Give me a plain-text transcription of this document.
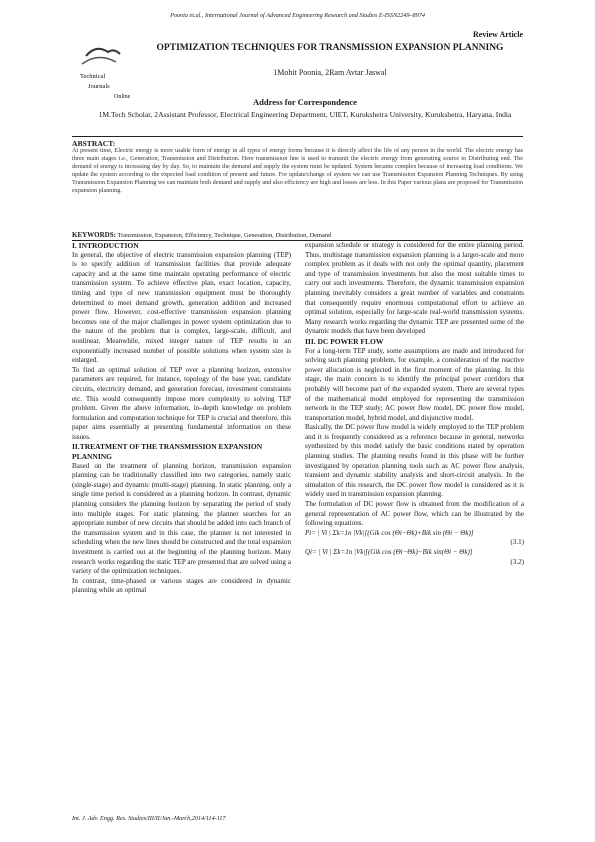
Poonia et.al., International Journal of Advanced Engineering Research and Studies E-ISSN2249–8974
Review Article
Technical
Journals
Online
OPTIMIZATION TECHNIQUES FOR TRANSMISSION EXPANSION PLANNING
1Mohit Poonia, 2Ram Avtar Jaswal
Address for Correspondence
1M.Tech Scholar, 2Assistant Professor, Electrical Engineering Department, UIET, Kurukshetra University, Kurukshetra, Haryana, India
ABSTRACT:
At present time, Electric energy is more usable form of energy in all types of energy forms because it is directly affect the life of any person in the world. The electric energy has three main stages i.e., Generation, Transmission and Distribution. Here transmission line is used to transmit the electric energy from generating source to Distributing end. The demand of energy is increasing day by day. So, to maintain the demand and supply the system must be updated. System became complex because of increasing load conditions. We update the system according to the expected load condition of present and future. For update/change of system we can use Transmission Expansion Planning Techniques. By using Transmission Expansion Planning we can maintain both demand and supply and also efficiency are high and losses are less. In this Paper various plans are proposed for Transmission expansion planning.
KEYWORDS: Transmission, Expansion, Efficiency, Technique, Generation, Distribution, Demand

I. INTRODUCTION

In general, the objective of electric transmission expansion planning (TEP) is to specify addition of transmission facilities that provide adequate capacity and at the same time maintain operating performance of electric transmission system. To achieve effective plan, exact location, capacity, timing and type of new transmission equipment must be thoroughly determined to meet demand growth, generation addition and increased power flow. However, cost-effective transmission expansion planning becomes one of the major challenges in power system optimization due to the nature of the problem that is complex, large-scale, difficult, and nonlinear. Meanwhile, mixed integer nature of TEP results in an exponentially increased number of possible solutions when system size is enlarged.

To find an optimal solution of TEP over a planning horizon, extensive parameters are required, for instance, topology of the base year, candidate circuits, electricity demand, and generation forecast, investment constraints etc. This would consequently impose more complexity to solving TEP problem. Given the above information, in–depth knowledge on problem formulation and computation technique for TEP is crucial and therefore, this paper aims essentially at presenting fundamental information on these issues.

II.TREATMENT OF THE TRANSMISSION EXPANSION PLANNING

Based on the treatment of planning horizon, transmission expansion planning can be traditionally classified into two categories, namely static (single-stage) and dynamic (multi-stage) planning. In static planning, only a single time period is considered as a planning horizon. In contrast, dynamic planning considers the planning horizon by separating the period of study into multiple stages. For static planning, the planner searches for an appropriate number of new circuits that should be added into each branch of the transmission system and in this case, the planner is not interested in scheduling when the new lines should be constructed and the total expansion investment is carried out at the beginning of the planning horizon. Many research works regarding the static TEP are presented that are solved using a variety of the optimization techniques.

In contrast, time-phased or various stages are considered in dynamic planning while an optimal

expansion schedule or strategy is considered for the entire planning period. Thus, multistage transmission expansion planning is a larger-scale and more complex problem as it deals with not only the optimal quantity, placement and type of transmission investments but also the most suitable times to carry out such investments. Therefore, the dynamic transmission expansion planning inevitably considers a great number of variables and constraints that consequently require enormous computational effort to achieve an optimal solution, especially for large-scale real-world transmission systems. Many research works regarding the dynamic TEP are presented some of the dynamic models that have been developed

III. DC POWER FLOW

For a long-term TEP study, some assumptions are made and introduced for solving such planning problem, for example, a consideration of the reactive power allocation is neglected in the first moment of the planning. In this stage, the main concern is to identify the principal power corridors that probably will become part of the expanded system. There are several types of the mathematical model employed for representing the transmission network in the TEP study; AC power flow model, DC power flow model, transportation model, hybrid model, and disjunctive model.

Basically, the DC power flow model is widely employed to the TEP problem and it is frequently considered as a reference because in general, networks synthesized by this model satisfy the basic conditions stated by operation planning studies. The planning results found in this phase will be further investigated by operation planning tools such as AC power flow analysis, transient and dynamic stability analysis and short-circuit analysis. In the simulation of this research, the DC power flow model is considered as it is widely used in transmission expansion planning.

The formulation of DC power flow is obtained from the modification of a general representation of AC power flow, which can be illustrated by the following equations.

Pi= | Vi | Σk=1n |Vk|[(Gik cos (Θi−Θk)+Bik sin (Θi − Θk)]

(3.1)

Qi= | Vi | Σk=1n |Vk|[(Gik cos (Θi−Θk)−Bik sin(Θi − Θk)]

(3.2)

Int. J. Adv. Engg. Res. Studies/III/II/Jan.-March,2014/114-117
